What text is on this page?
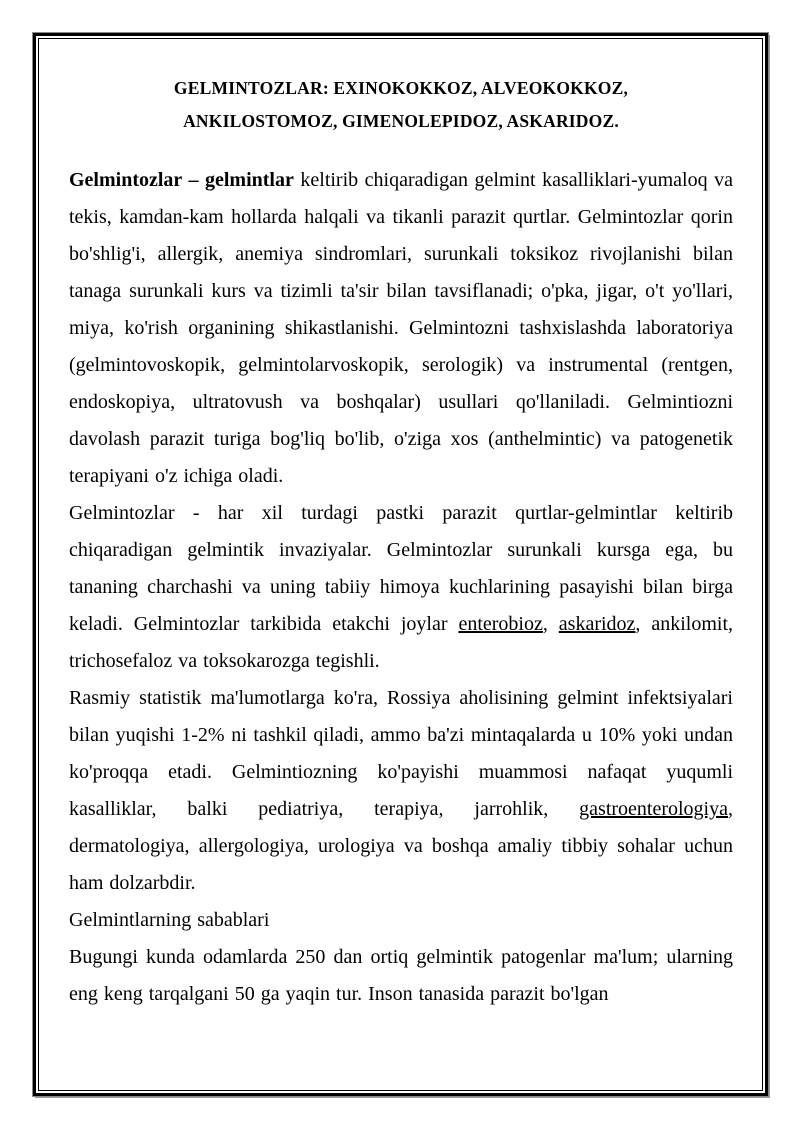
GELMINTOZLAR: EXINOKOKKOZ, ALVEOKOKKOZ,
ANKILOSTOMOZ, GIMENOLEPIDOZ, ASKARIDOZ.

Gelmintozlar – gelmintlar keltirib chiqaradigan gelmint kasalliklari-yumaloq va tekis, kamdan-kam hollarda halqali va tikanli parazit qurtlar. Gelmintozlar qorin bo'shlig'i, allergik, anemiya sindromlari, surunkali toksikoz rivojlanishi bilan tanaga surunkali kurs va tizimli ta'sir bilan tavsiflanadi; o'pka, jigar, o't yo'llari, miya, ko'rish organining shikastlanishi. Gelmintozni tashxislashda laboratoriya (gelmintovoskopik, gelmintolarvoskopik, serologik) va instrumental (rentgen, endoskopiya, ultratovush va boshqalar) usullari qo'llaniladi. Gelmintiozni davolash parazit turiga bog'liq bo'lib, o'ziga xos (anthelmintic) va patogenetik terapiyani o'z ichiga oladi.

Gelmintozlar - har xil turdagi pastki parazit qurtlar-gelmintlar keltirib chiqaradigan gelmintik invaziyalar. Gelmintozlar surunkali kursga ega, bu tananing charchashi va uning tabiiy himoya kuchlarining pasayishi bilan birga keladi. Gelmintozlar tarkibida etakchi joylar enterobioz, askaridoz, ankilomit, trichosefaloz va toksokarozga tegishli.

Rasmiy statistik ma'lumotlarga ko'ra, Rossiya aholisining gelmint infektsiyalari bilan yuqishi 1-2% ni tashkil qiladi, ammo ba'zi mintaqalarda u 10% yoki undan ko'proqqa etadi. Gelmintiozning ko'payishi muammosi nafaqat yuqumli kasalliklar, balki pediatriya, terapiya, jarrohlik, gastroenterologiya, dermatologiya, allergologiya, urologiya va boshqa amaliy tibbiy sohalar uchun ham dolzarbdir.

Gelmintlarning sabablari

Bugungi kunda odamlarda 250 dan ortiq gelmintik patogenlar ma'lum; ularning eng keng tarqalgani 50 ga yaqin tur. Inson tanasida parazit bo'lgan
